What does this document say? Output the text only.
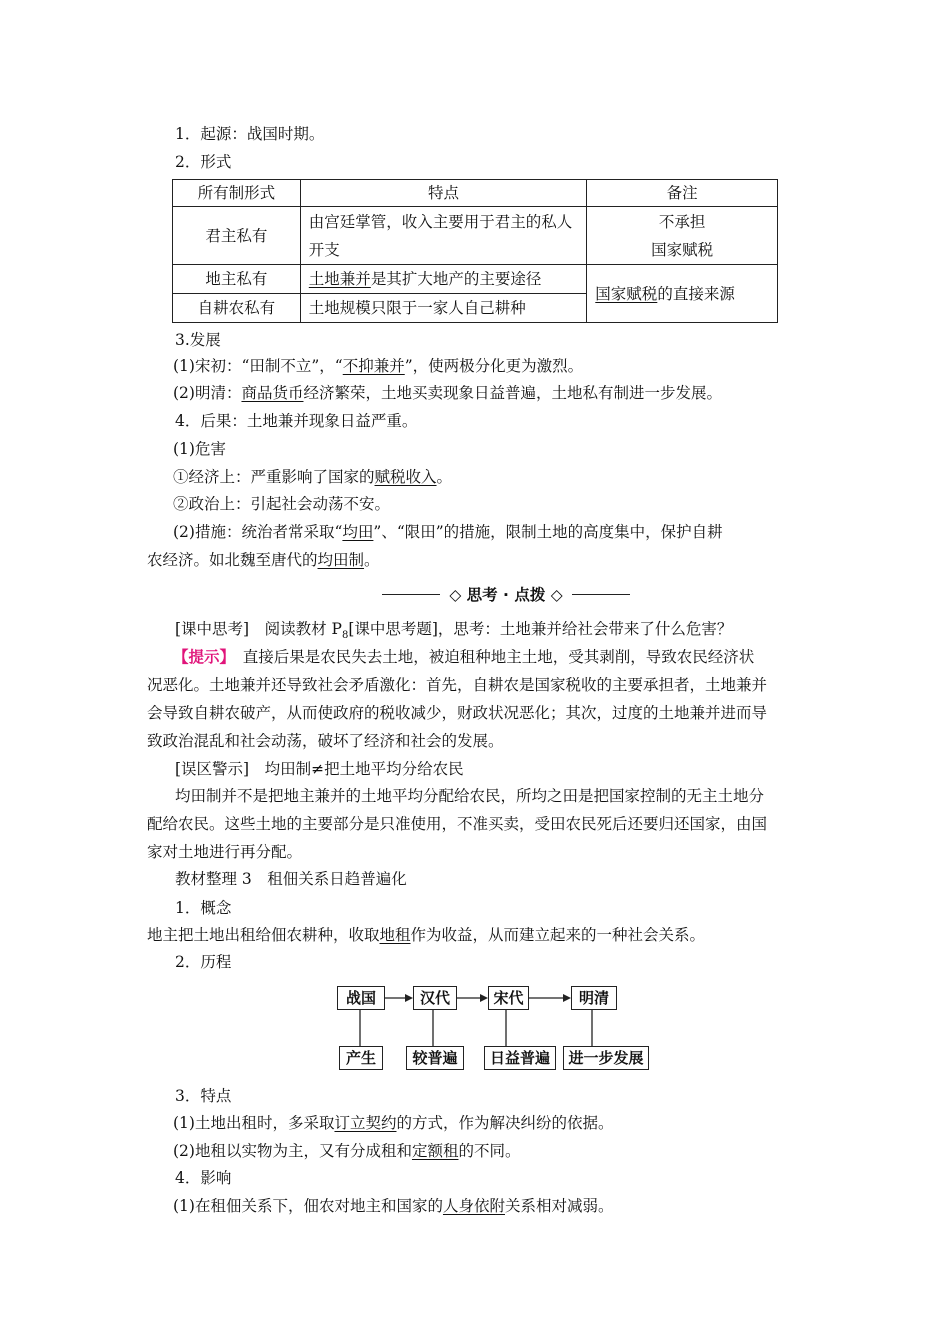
1．起源：战国时期。
2．形式
所有制形式	特点	备注
君主私有	由宫廷掌管，收入主要用于君主的私人开支	不承担
国家赋税

地主私有	土地兼并是其扩大地产的主要途径	国家赋税的直接来源
自耕农私有	土地规模只限于一家人自己耕种	
3.发展
(1)宋初：“田制不立”，“不抑兼并”，使两极分化更为激烈。
(2)明清：商品货币经济繁荣，土地买卖现象日益普遍，土地私有制进一步发展。
4．后果：土地兼并现象日益严重。
(1)危害
①经济上：严重影响了国家的赋税收入。
②政治上：引起社会动荡不安。
(2)措施：统治者常采取“均田”、“限田”的措施，限制土地的高度集中，保护自耕
农经济。如北魏至唐代的均田制。
◇ 思考 · 点拨 ◇
[课中思考]　阅读教材 $P_8$[课中思考题]，思考：土地兼并给社会带来了什么危害？
【提示】　直接后果是农民失去土地，被迫租种地主土地，受其剥削，导致农民经济状
况恶化。土地兼并还导致社会矛盾激化：首先，自耕农是国家税收的主要承担者，土地兼并
会导致自耕农破产，从而使政府的税收减少，财政状况恶化；其次，过度的土地兼并进而导
致政治混乱和社会动荡，破坏了经济和社会的发展。
[误区警示]　均田制≠把土地平均分给农民
均田制并不是把地主兼并的土地平均分配给农民，所均之田是把国家控制的无主土地分
配给农民。这些土地的主要部分是只准使用，不准买卖，受田农民死后还要归还国家，由国
家对土地进行再分配。
教材整理 3　租佃关系日趋普遍化
1．概念
地主把土地出租给佃农耕种，收取地租作为收益，从而建立起来的一种社会关系。
2．历程
战国	汉代	宋代	明清
产生	较普遍	日益普遍	进一步发展
3．特点
(1)土地出租时，多采取订立契约的方式，作为解决纠纷的依据。
(2)地租以实物为主，又有分成租和定额租的不同。
4．影响
(1)在租佃关系下，佃农对地主和国家的人身依附关系相对减弱。
